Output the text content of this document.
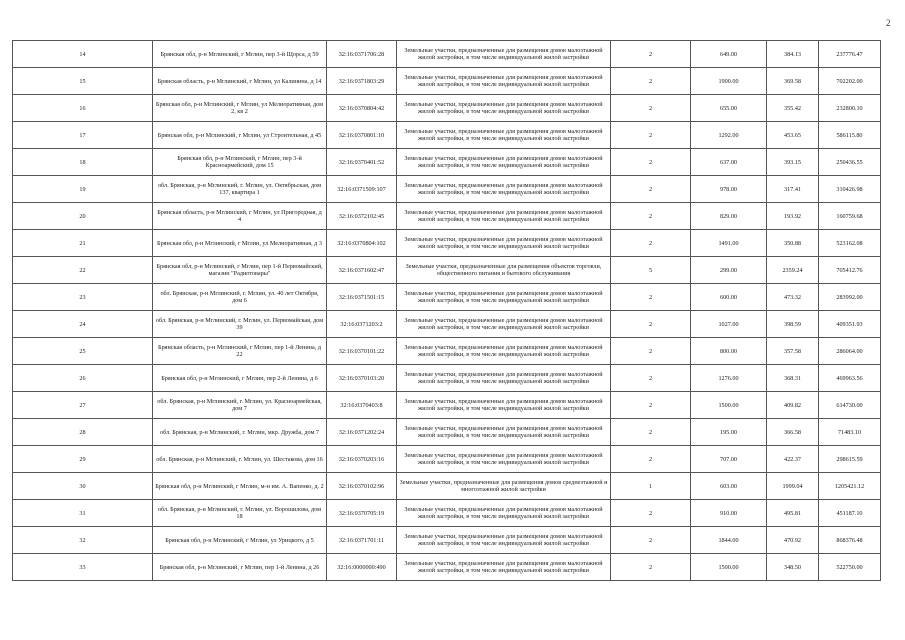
2
14	Брянская обл, р-н Мглинский, г Мглин, пер 3-й Щорса, д 59	32:16:0371706:28	Земельные участки, предназначенные для размещения домов малоэтажной жилой застройки, в том числе индивидуальной жилой застройки	2	649.00	384.13	237776.47
15	Брянская область, р-н Мглинский, г Мглин, ул Калинина, д 14	32:16:0371803:29	Земельные участки, предназначенные для размещения домов малоэтажной жилой застройки, в том числе индивидуальной жилой застройки	2	1900.00	369.58	702202.00
16	Брянская обл, р-н Мглинский, г Мглин, ул Мелиоративная, дом 2, кв 2	32:16:0370804:42	Земельные участки, предназначенные для размещения домов малоэтажной жилой застройки, в том числе индивидуальной жилой застройки	2	655.00	355.42	232800.10
17	Брянская обл, р-н Мглинский, г Мглин, ул Строительная, д 45	32:16:0370801:10	Земельные участки, предназначенные для размещения домов малоэтажной жилой застройки, в том числе индивидуальной жилой застройки	2	1292.00	453.65	586115.80
18	Брянская обл, р-н Мглинский, г Мглин, пер 3-й Красноармейский, дом 15	32:16:0370401:52	Земельные участки, предназначенные для размещения домов малоэтажной жилой застройки, в том числе индивидуальной жилой застройки	2	637.00	393.15	250436.55
19	обл. Брянская, р-н Мглинский, г. Мглин, ул. Октябрьская, дом 137, квартира 1	32:16:0371509:107	Земельные участки, предназначенные для размещения домов малоэтажной жилой застройки, в том числе индивидуальной жилой застройки	2	978.00	317.41	310426.98
20	Брянская область, р-н Мглинский, г Мглин, ул Пригородная, д 4	32:16:0372102:45	Земельные участки, предназначенные для размещения домов малоэтажной жилой застройки, в том числе индивидуальной жилой застройки	2	829.00	193.92	160759.68
21	Брянская обл, р-н Мглинский, г Мглин, ул Мелиоративная, д 3	32:16:0370804:102	Земельные участки, предназначенные для размещения домов малоэтажной жилой застройки, в том числе индивидуальной жилой застройки	2	1491.00	350.88	523162.08
22	Брянская обл, р-н Мглинский, г Мглин, пер 1-й Первомайский, магазин "Радиотовары"	32:16:0371602:47	Земельные участки, предназначенные для размещения объектов торговли, общественного питания и бытового обслуживания	5	299.00	2359.24	705412.76
23	обл. Брянская, р-н Мглинский, г. Мглин, ул. 40 лет Октября, дом 6	32:16:0371501:15	Земельные участки, предназначенные для размещения домов малоэтажной жилой застройки, в том числе индивидуальной жилой застройки	2	600.00	473.32	283992.00
24	обл. Брянская, р-н Мглинский, г. Мглин, ул. Первомайская, дом 39	32:16:0371203:2	Земельные участки, предназначенные для размещения домов малоэтажной жилой застройки, в том числе индивидуальной жилой застройки	2	1027.00	398.59	409351.93
25	Брянская область, р-н Мглинский, г Мглин, пер 1-й Ленина, д 22	32:16:0370101:22	Земельные участки, предназначенные для размещения домов малоэтажной жилой застройки, в том числе индивидуальной жилой застройки	2	800.00	357.58	286064.00
26	Брянская обл, р-н Мглинский, г Мглин, пер 2-й Ленина, д 6	32:16:0370103:20	Земельные участки, предназначенные для размещения домов малоэтажной жилой застройки, в том числе индивидуальной жилой застройки	2	1276.00	368.31	469963.56
27	обл. Брянская, р-н Мглинский, г. Мглин, ул. Красноармейская, дом 7	32:16:0370403:8	Земельные участки, предназначенные для размещения домов малоэтажной жилой застройки, в том числе индивидуальной жилой застройки	2	1500.00	409.82	614730.00
28	обл. Брянская, р-н Мглинский, г. Мглин, мкр. Дружба, дом 7	32:16:0371202:24	Земельные участки, предназначенные для размещения домов малоэтажной жилой застройки, в том числе индивидуальной жилой застройки	2	195.00	366.58	71483.10
29	обл. Брянская, р-н Мглинский, г. Мглин, ул. Шестакова, дом 16	32:16:0370203:16	Земельные участки, предназначенные для размещения домов малоэтажной жилой застройки, в том числе индивидуальной жилой застройки	2	707.00	422.37	298615.59
30	Брянская обл, р-н Мглинский, г Мглин, м-н им. А. Вапенко, д. 2	32:16:0370102:96	Земельные участки, предназначенные для размещения домов среднеэтажной и многоэтажной жилой застройки	1	603.00	1999.04	1205421.12
31	обл. Брянская, р-н Мглинский, г. Мглин, ул. Ворошилова, дом 18	32:16:0370705:19	Земельные участки, предназначенные для размещения домов малоэтажной жилой застройки, в том числе индивидуальной жилой застройки	2	910.00	495.81	451187.10
32	Брянская обл, р-н Мглинский, г Мглин, ул Урицкого, д 5	32:16:0371701:11	Земельные участки, предназначенные для размещения домов малоэтажной жилой застройки, в том числе индивидуальной жилой застройки	2	1844.00	470.92	868376.48
33	Брянская обл, р-н Мглинский, г Мглин, пер 1-й Ленина, д 26	32:16:0000000:490	Земельные участки, предназначенные для размещения домов малоэтажной жилой застройки, в том числе индивидуальной жилой застройки	2	1500.00	348.50	522750.00
